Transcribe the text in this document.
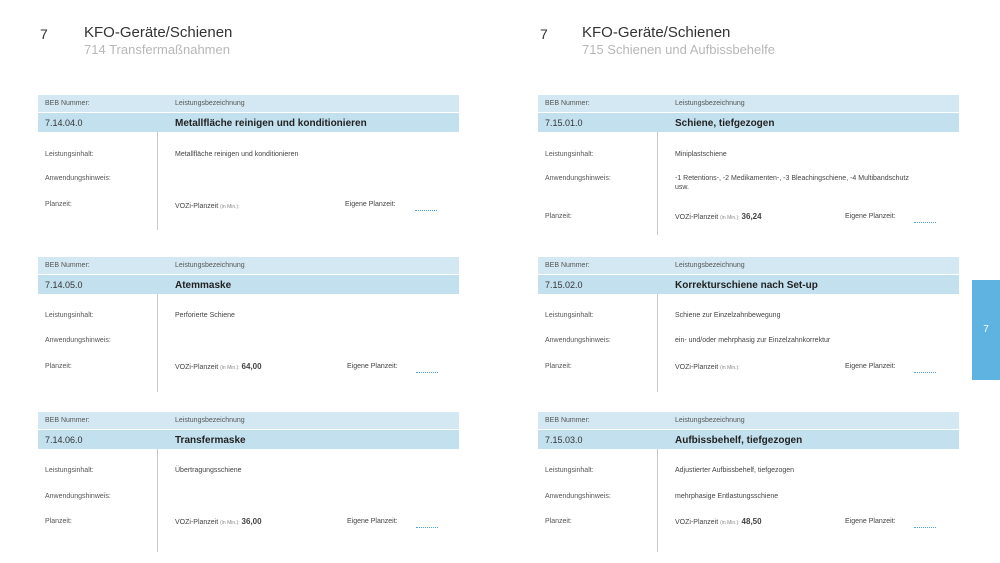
7 KFO-Geräte/Schienen
714 Transfermaßnahmen
BEB Nummer:	Leistungsbezeichnung
7.14.04.0	Metallfläche reinigen und konditionieren
Leistungsinhalt:	Metallfläche reinigen und konditionieren
Anwendungshinweis:
Planzeit:	VOZi-Planzeit (in Min.):	Eigene Planzeit:
BEB Nummer:	Leistungsbezeichnung
7.14.05.0	Atemmaske
Leistungsinhalt:	Perforierte Schiene
Anwendungshinweis:
Planzeit:	VOZi-Planzeit (in Min.): 64,00	Eigene Planzeit:
BEB Nummer:	Leistungsbezeichnung
7.14.06.0	Transfermaske
Leistungsinhalt:	Übertragungsschiene
Anwendungshinweis:
Planzeit:	VOZi-Planzeit (in Min.): 36,00	Eigene Planzeit:
7 KFO-Geräte/Schienen
715 Schienen und Aufbissbehelfe
BEB Nummer:	Leistungsbezeichnung
7.15.01.0	Schiene, tiefgezogen
Leistungsinhalt:	Miniplastschiene
Anwendungshinweis:	-1 Retentions-, -2 Medikamenten-, -3 Bleachingschiene, -4 Multibandschutz usw.
Planzeit:	VOZi-Planzeit (in Min.): 36,24	Eigene Planzeit:
BEB Nummer:	Leistungsbezeichnung
7.15.02.0	Korrekturschiene nach Set-up
Leistungsinhalt:	Schiene zur Einzelzahnbewegung
Anwendungshinweis:	ein- und/oder mehrphasig zur Einzelzahnkorrektur
Planzeit:	VOZi-Planzeit (in Min.):	Eigene Planzeit:
BEB Nummer:	Leistungsbezeichnung
7.15.03.0	Aufbissbehelf, tiefgezogen
Leistungsinhalt:	Adjustierter Aufbissbehelf, tiefgezogen
Anwendungshinweis:	mehrphasige Entlastungsschiene
Planzeit:	VOZi-Planzeit (in Min.): 48,50	Eigene Planzeit:
7
